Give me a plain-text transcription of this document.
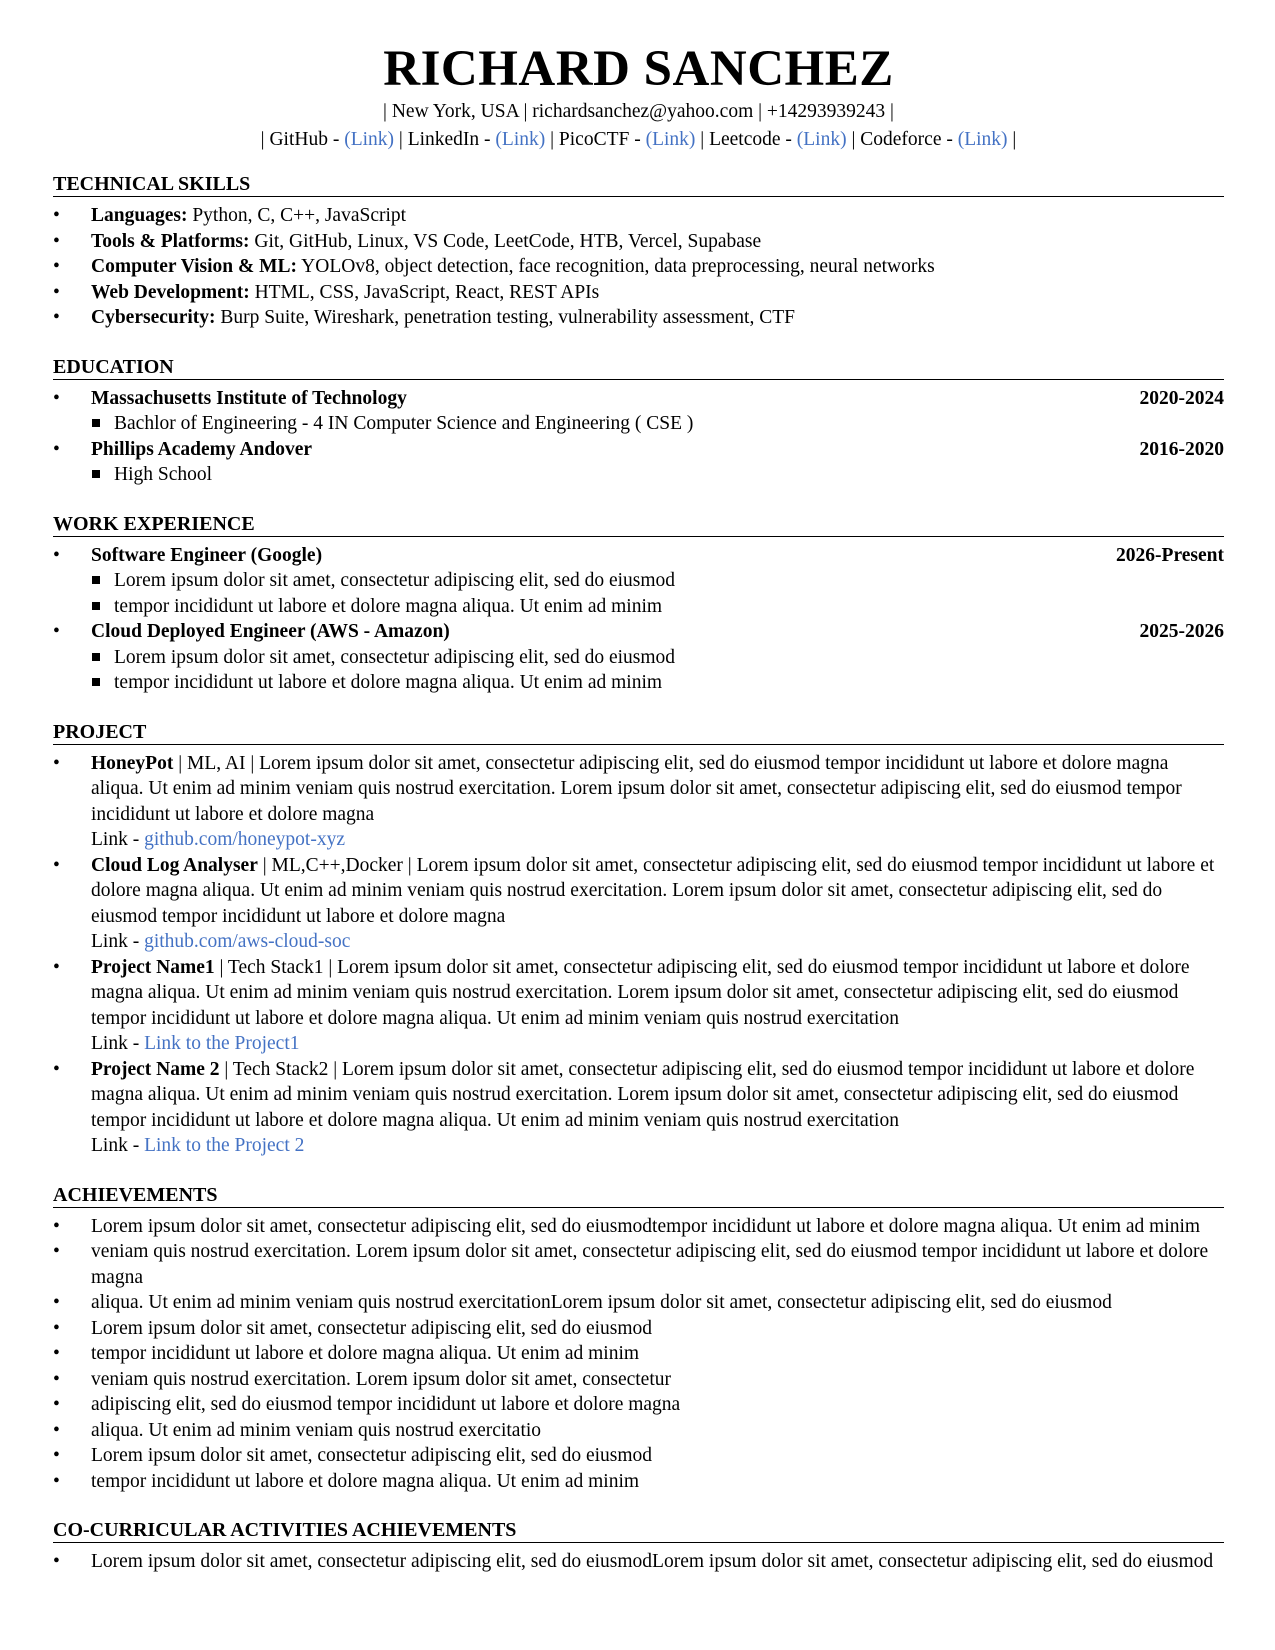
RICHARD SANCHEZ
| New York, USA | richardsanchez@yahoo.com | +14293939243 |
| GitHub - (Link) | LinkedIn - (Link) | PicoCTF - (Link) | Leetcode - (Link) | Codeforce - (Link) |
TECHNICAL SKILLS
• Languages: Python, C, C++, JavaScript
• Tools & Platforms: Git, GitHub, Linux, VS Code, LeetCode, HTB, Vercel, Supabase
• Computer Vision & ML: YOLOv8, object detection, face recognition, data preprocessing, neural networks
• Web Development: HTML, CSS, JavaScript, React, REST APIs
• Cybersecurity: Burp Suite, Wireshark, penetration testing, vulnerability assessment, CTF
EDUCATION
• Massachusetts Institute of Technology	2020-2024
Bachlor of Engineering - 4 IN Computer Science and Engineering ( CSE )
• Phillips Academy Andover	2016-2020
High School
WORK EXPERIENCE
• Software Engineer (Google)	2026-Present
Lorem ipsum dolor sit amet, consectetur adipiscing elit, sed do eiusmod
tempor incididunt ut labore et dolore magna aliqua. Ut enim ad minim
• Cloud Deployed Engineer (AWS - Amazon)	2025-2026
Lorem ipsum dolor sit amet, consectetur adipiscing elit, sed do eiusmod
tempor incididunt ut labore et dolore magna aliqua. Ut enim ad minim
PROJECT
• HoneyPot | ML, AI | Lorem ipsum dolor sit amet, consectetur adipiscing elit, sed do eiusmod tempor incididunt ut labore et dolore magna aliqua. Ut enim ad minim veniam quis nostrud exercitation. Lorem ipsum dolor sit amet, consectetur adipiscing elit, sed do eiusmod tempor incididunt ut labore et dolore magna
Link - github.com/honeypot-xyz
• Cloud Log Analyser | ML,C++,Docker | Lorem ipsum dolor sit amet, consectetur adipiscing elit, sed do eiusmod tempor incididunt ut labore et dolore magna aliqua. Ut enim ad minim veniam quis nostrud exercitation. Lorem ipsum dolor sit amet, consectetur adipiscing elit, sed do eiusmod tempor incididunt ut labore et dolore magna
Link - github.com/aws-cloud-soc
• Project Name1 | Tech Stack1 | Lorem ipsum dolor sit amet, consectetur adipiscing elit, sed do eiusmod tempor incididunt ut labore et dolore magna aliqua. Ut enim ad minim veniam quis nostrud exercitation. Lorem ipsum dolor sit amet, consectetur adipiscing elit, sed do eiusmod tempor incididunt ut labore et dolore magna aliqua. Ut enim ad minim veniam quis nostrud exercitation
Link - Link to the Project1
• Project Name 2 | Tech Stack2 | Lorem ipsum dolor sit amet, consectetur adipiscing elit, sed do eiusmod tempor incididunt ut labore et dolore magna aliqua. Ut enim ad minim veniam quis nostrud exercitation. Lorem ipsum dolor sit amet, consectetur adipiscing elit, sed do eiusmod tempor incididunt ut labore et dolore magna aliqua. Ut enim ad minim veniam quis nostrud exercitation
Link - Link to the Project 2
ACHIEVEMENTS
• Lorem ipsum dolor sit amet, consectetur adipiscing elit, sed do eiusmodtempor incididunt ut labore et dolore magna aliqua. Ut enim ad minim
• veniam quis nostrud exercitation. Lorem ipsum dolor sit amet, consectetur adipiscing elit, sed do eiusmod tempor incididunt ut labore et dolore magna
• aliqua. Ut enim ad minim veniam quis nostrud exercitationLorem ipsum dolor sit amet, consectetur adipiscing elit, sed do eiusmod
• Lorem ipsum dolor sit amet, consectetur adipiscing elit, sed do eiusmod
• tempor incididunt ut labore et dolore magna aliqua. Ut enim ad minim
• veniam quis nostrud exercitation. Lorem ipsum dolor sit amet, consectetur
• adipiscing elit, sed do eiusmod tempor incididunt ut labore et dolore magna
• aliqua. Ut enim ad minim veniam quis nostrud exercitatio
• Lorem ipsum dolor sit amet, consectetur adipiscing elit, sed do eiusmod
• tempor incididunt ut labore et dolore magna aliqua. Ut enim ad minim
CO-CURRICULAR ACTIVITIES ACHIEVEMENTS
• Lorem ipsum dolor sit amet, consectetur adipiscing elit, sed do eiusmodLorem ipsum dolor sit amet, consectetur adipiscing elit, sed do eiusmod
